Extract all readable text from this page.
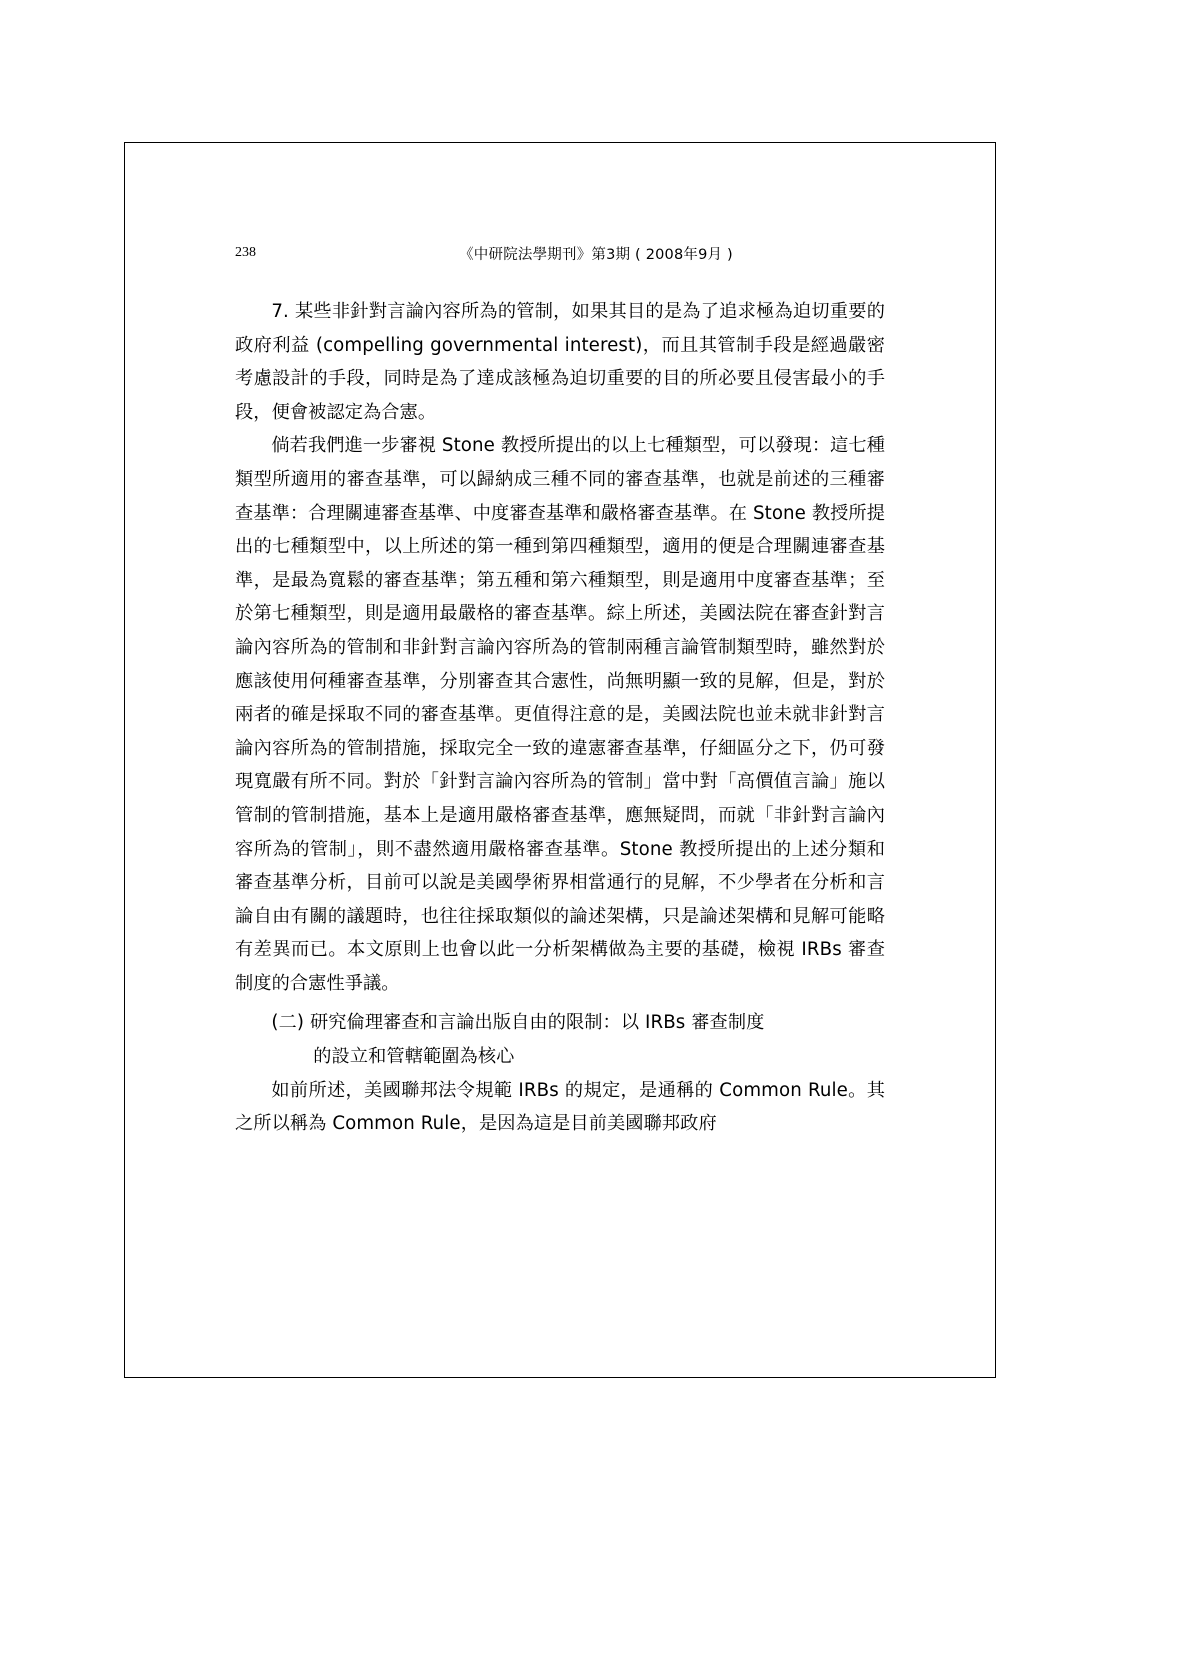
238	《中研院法學期刊》第3期 ( 2008年9月 )

7. 某些非針對言論內容所為的管制，如果其目的是為了追求極為迫切重要的政府利益 (compelling governmental interest)，而且其管制手段是經過嚴密考慮設計的手段，同時是為了達成該極為迫切重要的目的所必要且侵害最小的手段，便會被認定為合憲。

倘若我們進一步審視 Stone 教授所提出的以上七種類型，可以發現：這七種類型所適用的審查基準，可以歸納成三種不同的審查基準，也就是前述的三種審查基準：合理關連審查基準、中度審查基準和嚴格審查基準。在 Stone 教授所提出的七種類型中，以上所述的第一種到第四種類型，適用的便是合理關連審查基準，是最為寬鬆的審查基準；第五種和第六種類型，則是適用中度審查基準；至於第七種類型，則是適用最嚴格的審查基準。綜上所述，美國法院在審查針對言論內容所為的管制和非針對言論內容所為的管制兩種言論管制類型時，雖然對於應該使用何種審查基準，分別審查其合憲性，尚無明顯一致的見解，但是，對於兩者的確是採取不同的審查基準。更值得注意的是，美國法院也並未就非針對言論內容所為的管制措施，採取完全一致的違憲審查基準，仔細區分之下，仍可發現寬嚴有所不同。對於「針對言論內容所為的管制」當中對「高價值言論」施以管制的管制措施，基本上是適用嚴格審查基準，應無疑問，而就「非針對言論內容所為的管制」，則不盡然適用嚴格審查基準。Stone 教授所提出的上述分類和審查基準分析，目前可以說是美國學術界相當通行的見解，不少學者在分析和言論自由有關的議題時，也往往採取類似的論述架構，只是論述架構和見解可能略有差異而已。本文原則上也會以此一分析架構做為主要的基礎，檢視 IRBs 審查制度的合憲性爭議。

(二) 研究倫理審查和言論出版自由的限制：以 IRBs 審查制度
的設立和管轄範圍為核心

如前所述，美國聯邦法令規範 IRBs 的規定，是通稱的 Common Rule。其之所以稱為 Common Rule，是因為這是目前美國聯邦政府
